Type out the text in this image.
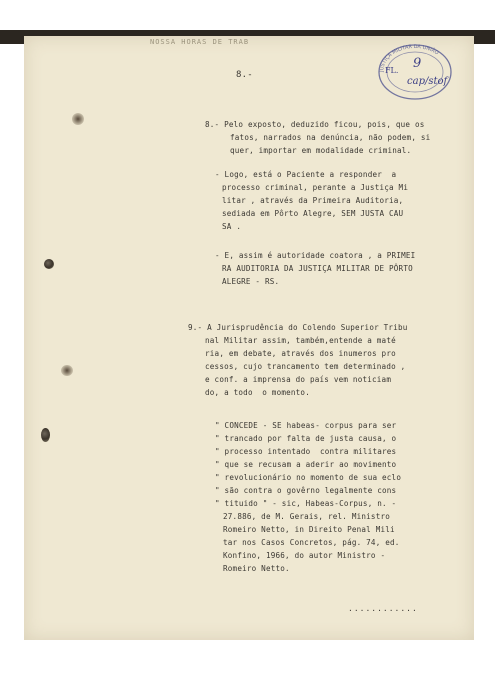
NOSSA HORAS DE TRAB
JUSTIÇA MILITAR DA UNIÃO
FL. 9
cap/stof
8.-
8.- Pelo exposto, deduzido ficou, pois, que os
fatos, narrados na denúncia, não podem, si
quer, importar em modalidade criminal.
- Logo, está o Paciente a responder  a
processo criminal, perante a Justiça Mi
litar , através da Primeira Auditoria,
sediada em Pôrto Alegre, SEM JUSTA CAU
SA .
- E, assim é autoridade coatora , a PRIMEI
RA AUDITORIA DA JUSTIÇA MILITAR DE PÔRTO
ALEGRE - RS.
9.- A Jurisprudência do Colendo Superior Tribu
nal Militar assim, também,entende a maté
ria, em debate, através dos inumeros pro
cessos, cujo trancamento tem determinado ,
e conf. a imprensa do país vem noticiam
do, a todo  o momento.
" CONCEDE - SE habeas- corpus para ser
" trancado por falta de justa causa, o
" processo intentado  contra militares
" que se recusam a aderir ao movimento
" revolucionário no momento de sua eclo
" são contra o govêrno legalmente cons
" tituido " - sic, Habeas-Corpus, n. -
27.886, de M. Gerais, rel. Ministro
Romeiro Netto, in Direito Penal Mili
tar nos Casos Concretos, pág. 74, ed.
Konfino, 1966, do autor Ministro -
Romeiro Netto.
............
